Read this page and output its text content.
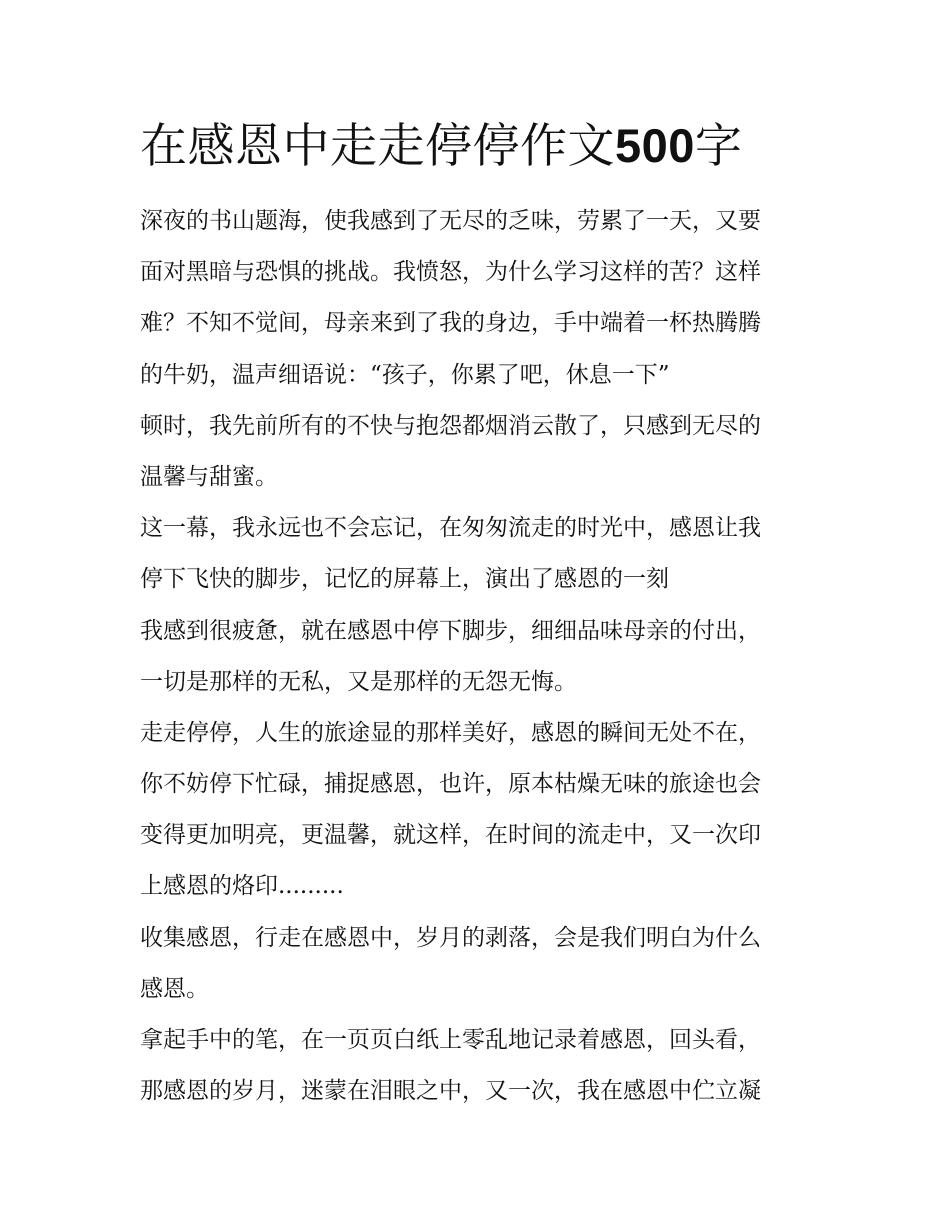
在感恩中走走停停作文500字
深夜的书山题海，使我感到了无尽的乏味，劳累了一天，又要
面对黑暗与恐惧的挑战。我愤怒，为什么学习这样的苦？这样
难？不知不觉间，母亲来到了我的身边，手中端着一杯热腾腾
的牛奶，温声细语说：“孩子，你累了吧，休息一下”
顿时，我先前所有的不快与抱怨都烟消云散了，只感到无尽的
温馨与甜蜜。
这一幕，我永远也不会忘记，在匆匆流走的时光中，感恩让我
停下飞快的脚步，记忆的屏幕上，演出了感恩的一刻
我感到很疲惫，就在感恩中停下脚步，细细品味母亲的付出，
一切是那样的无私，又是那样的无怨无悔。
走走停停，人生的旅途显的那样美好，感恩的瞬间无处不在，
你不妨停下忙碌，捕捉感恩，也许，原本枯燥无味的旅途也会
变得更加明亮，更温馨，就这样，在时间的流走中，又一次印
上感恩的烙印.........
收集感恩，行走在感恩中，岁月的剥落，会是我们明白为什么
感恩。
拿起手中的笔，在一页页白纸上零乱地记录着感恩，回头看，
那感恩的岁月，迷蒙在泪眼之中，又一次，我在感恩中伫立凝
